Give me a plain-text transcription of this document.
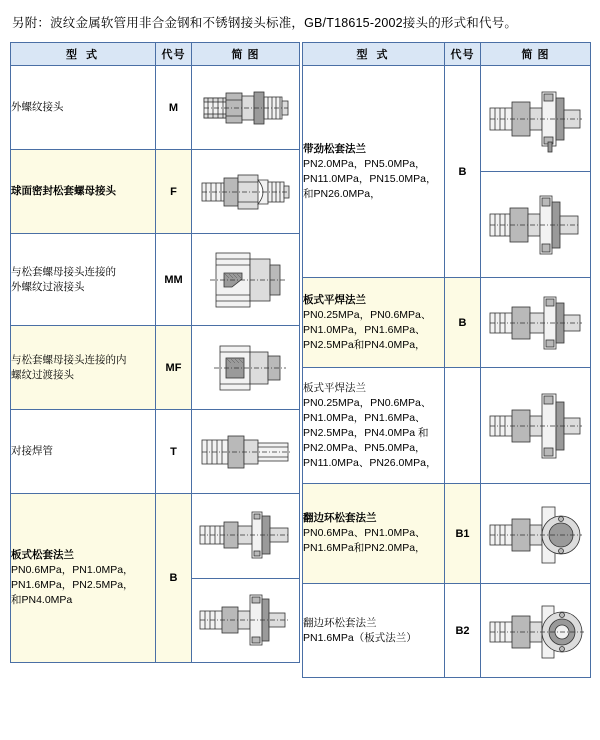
另附：波纹金属软管用非合金钢和不锈钢接头标准，GB/T18615-2002接头的形式和代号。
型 式	代号	简 图

外螺纹接头	M	

球面密封松套螺母接头	F	

与松套螺母接头连接的
外螺纹过液接头	MM	

与松套螺母接头连接的内
螺纹过渡接头	MF	

对接焊管	T	

板式松套法兰
PN0.6MPa，PN1.0MPa，
PN1.6MPa，PN2.5MPa，
和PN4.0MPa	B	
型 式	代号	简 图

带劲松套法兰
PN2.0MPa，PN5.0MPa，
PN11.0MPa，PN15.0MPa，
和PN26.0MPa，	B	

板式平焊法兰
PN0.25MPa，PN0.6MPa、
PN1.0MPa，PN1.6MPa、
PN2.5MPa和PN4.0MPa，	B	

板式平焊法兰
PN0.25MPa，PN0.6MPa、
PN1.0MPa，PN1.6MPa、
PN2.5MPa，PN4.0MPa 和
PN2.0MPa、PN5.0MPa，
PN11.0MPa、PN26.0MPa，

翻边环松套法兰
PN0.6MPa、PN1.0MPa、
PN1.6MPa和PN2.0MPa，	B1	

翻边环松套法兰
PN1.6MPa（板式法兰）	B2	
